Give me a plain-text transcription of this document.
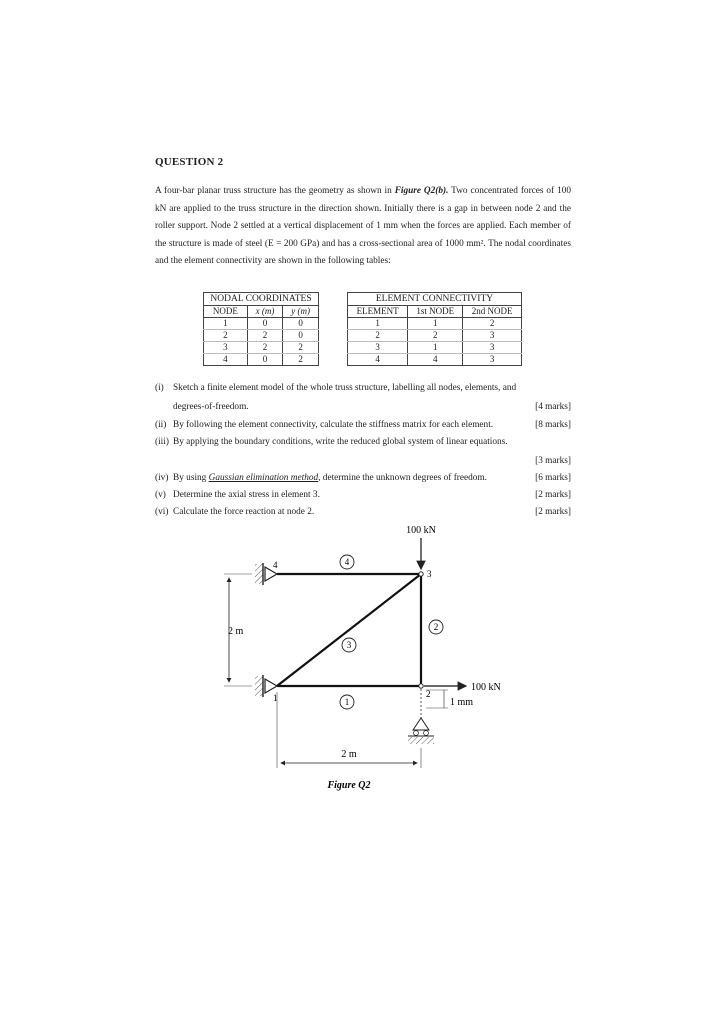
QUESTION 2
A four-bar planar truss structure has the geometry as shown in Figure Q2(b). Two concentrated forces of 100 kN are applied to the truss structure in the direction shown. Initially there is a gap in between node 2 and the roller support. Node 2 settled at a vertical displacement of 1 mm when the forces are applied. Each member of the structure is made of steel (E = 200 GPa) and has a cross-sectional area of 1000 mm². The nodal coordinates and the element connectivity are shown in the following tables:
NODAL COORDINATES		
NODE	x (m)	y (m)
1	0	0
2	2	0
3	2	2
4	0	2
ELEMENT CONNECTIVITY		
ELEMENT	1st NODE	2nd NODE
1	1	2
2	2	3
3	1	3
4	4	3
(i) Sketch a finite element model of the whole truss structure, labelling all nodes, elements, and
degrees-of-freedom.	[4 marks]
(ii) By following the element connectivity, calculate the stiffness matrix for each element.	[8 marks]
(iii) By applying the boundary conditions, write the reduced global system of linear equations.
[3 marks]
(iv) By using Gaussian elimination method, determine the unknown degrees of freedom.	[6 marks]
(v) Determine the axial stress in element 3.	[2 marks]
(vi) Calculate the force reaction at node 2.	[2 marks]
4
2
3
1
1	2
3
4
100 kN
100 kN
1 mm
2 m
2 m
Figure Q2
